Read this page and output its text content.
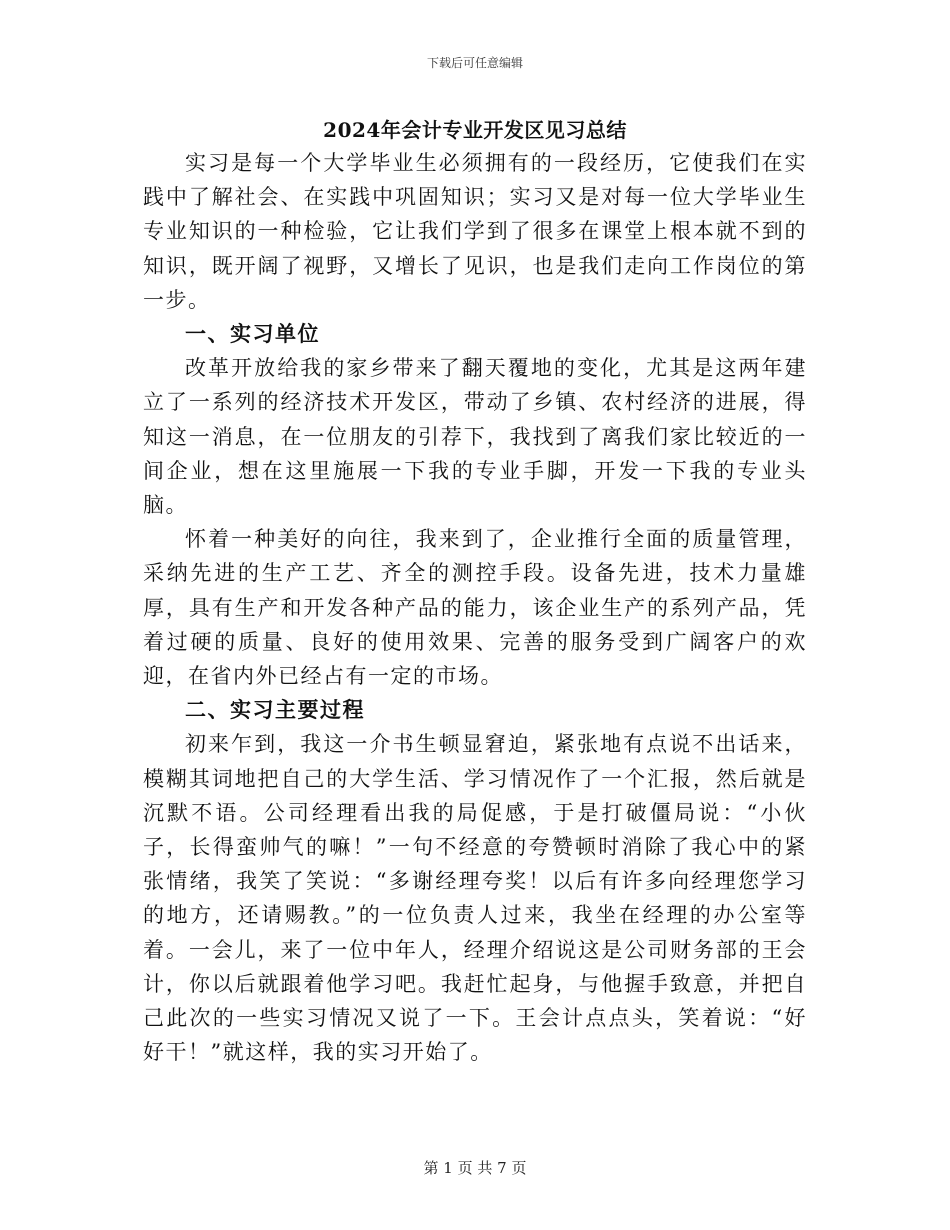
下载后可任意编辑
2024年会计专业开发区见习总结

实习是每一个大学毕业生必须拥有的一段经历，它使我们在实践中了解社会、在实践中巩固知识；实习又是对每一位大学毕业生专业知识的一种检验，它让我们学到了很多在课堂上根本就不到的知识，既开阔了视野，又增长了见识，也是我们走向工作岗位的第一步。

一、实习单位

改革开放给我的家乡带来了翻天覆地的变化，尤其是这两年建立了一系列的经济技术开发区，带动了乡镇、农村经济的进展，得知这一消息，在一位朋友的引荐下，我找到了离我们家比较近的一间企业，想在这里施展一下我的专业手脚，开发一下我的专业头脑。

怀着一种美好的向往，我来到了，企业推行全面的质量管理，采纳先进的生产工艺、齐全的测控手段。设备先进，技术力量雄厚，具有生产和开发各种产品的能力，该企业生产的系列产品，凭着过硬的质量、良好的使用效果、完善的服务受到广阔客户的欢迎，在省内外已经占有一定的市场。

二、实习主要过程

初来乍到，我这一介书生顿显窘迫，紧张地有点说不出话来，模糊其词地把自己的大学生活、学习情况作了一个汇报，然后就是沉默不语。公司经理看出我的局促感，于是打破僵局说：“小伙子，长得蛮帅气的嘛！”一句不经意的夸赞顿时消除了我心中的紧张情绪，我笑了笑说：“多谢经理夸奖！以后有许多向经理您学习的地方，还请赐教。”的一位负责人过来，我坐在经理的办公室等着。一会儿，来了一位中年人，经理介绍说这是公司财务部的王会计，你以后就跟着他学习吧。我赶忙起身，与他握手致意，并把自己此次的一些实习情况又说了一下。王会计点点头，笑着说：“好好干！”就这样，我的实习开始了。

第 1 页 共 7 页
